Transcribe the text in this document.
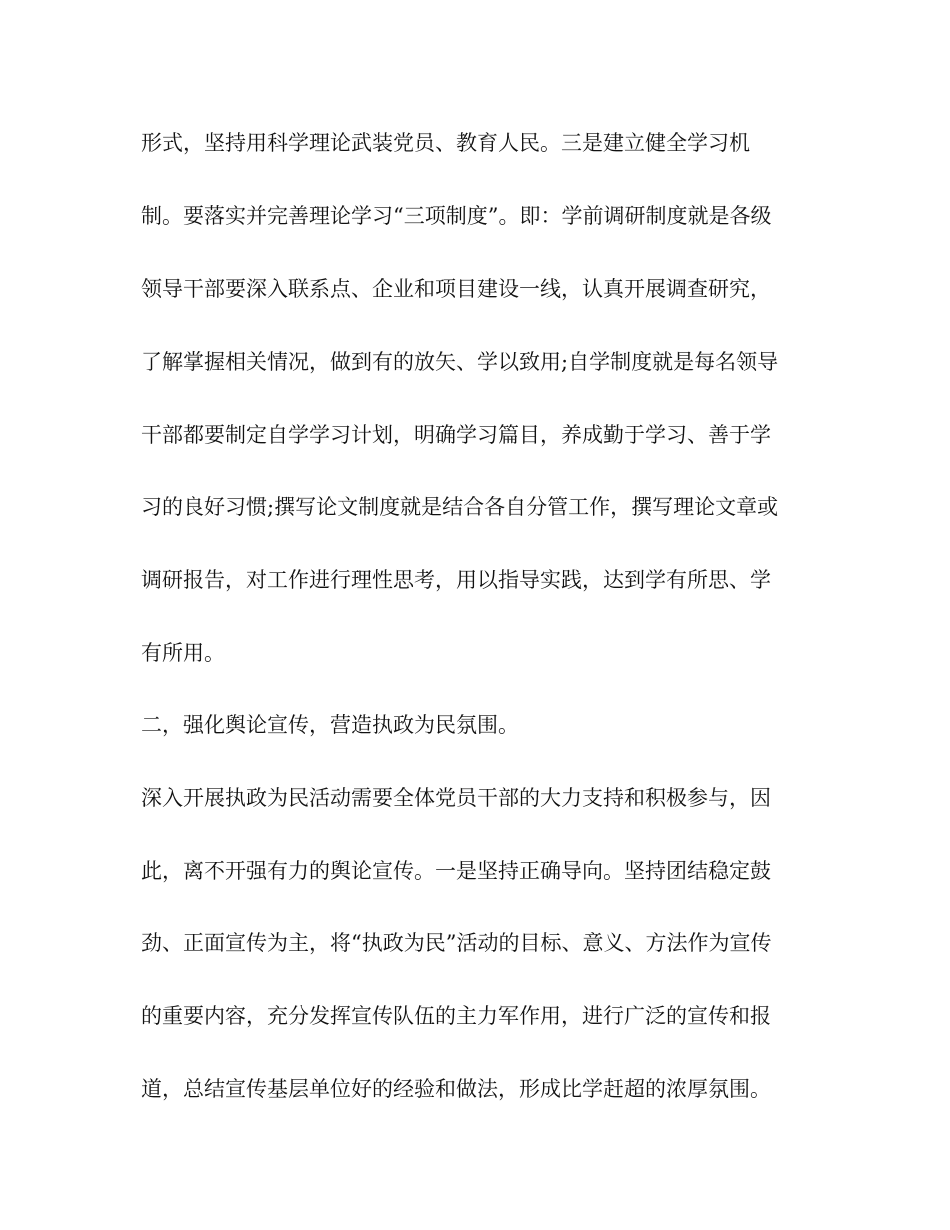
形式，坚持用科学理论武装党员、教育人民。三是建立健全学习机
制。要落实并完善理论学习“三项制度”。即：学前调研制度就是各级
领导干部要深入联系点、企业和项目建设一线，认真开展调查研究，
了解掌握相关情况，做到有的放矢、学以致用;自学制度就是每名领导
干部都要制定自学学习计划，明确学习篇目，养成勤于学习、善于学
习的良好习惯;撰写论文制度就是结合各自分管工作，撰写理论文章或
调研报告，对工作进行理性思考，用以指导实践，达到学有所思、学
有所用。
二，强化舆论宣传，营造执政为民氛围。
深入开展执政为民活动需要全体党员干部的大力支持和积极参与，因
此，离不开强有力的舆论宣传。一是坚持正确导向。坚持团结稳定鼓
劲、正面宣传为主，将“执政为民”活动的目标、意义、方法作为宣传
的重要内容，充分发挥宣传队伍的主力军作用，进行广泛的宣传和报
道，总结宣传基层单位好的经验和做法，形成比学赶超的浓厚氛围。
